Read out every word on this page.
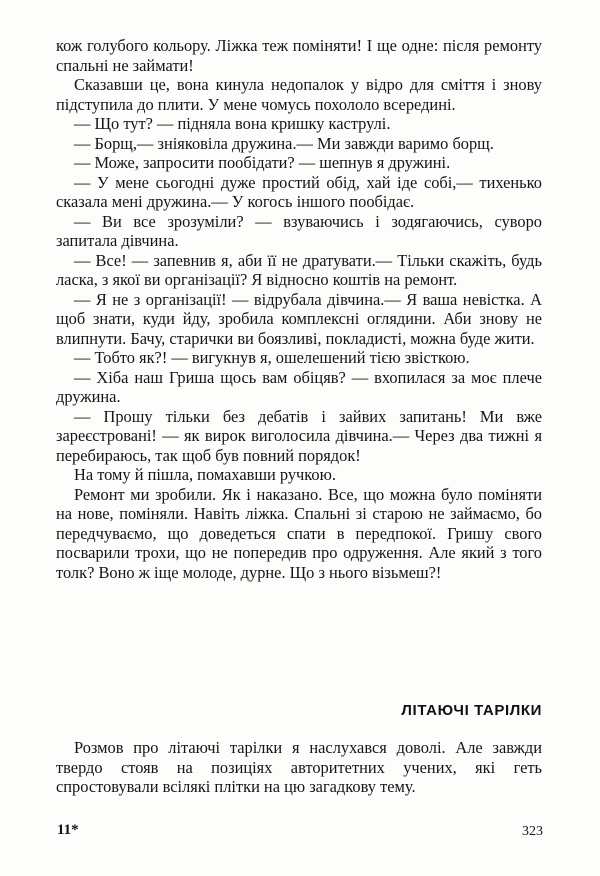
кож голубого кольору. Ліжка теж поміняти! І ще одне: після ремонту спальні не займати!

Сказавши це, вона кинула недопалок у відро для смiття і знову підступила до плити. У мене чомусь похололо всередині.

— Що тут? — підняла вона кришку каструлі.

— Борщ,— зніяковіла дружина.— Ми завжди варимо борщ.

— Може, запросити пообідати? — шепнув я дружині.

— У мене сьогодні дуже простий обід, хай іде собі,— тихенько сказала мені дружина.— У когось іншого пообідає.

— Ви все зрозуміли? — взуваючись і зодягаючись, суворо запитала дівчина.

— Все! — запевнив я, аби її не дратувати.— Тільки скажіть, будь ласка, з якої ви організації? Я відносно коштів на ремонт.

— Я не з організації! — відрубала дівчина.— Я ваша невістка. А щоб знати, куди йду, зробила комплексні оглядини. Аби знову не влипнути. Бачу, старички ви боязливі, покладисті, можна буде жити.

— Тобто як?! — вигукнув я, ошелешений тією звісткою.

— Хіба наш Гриша щось вам обіцяв? — вхопилася за моє плече дружина.

— Прошу тільки без дебатів і зайвих запитань! Ми вже зареєстровані! — як вирок виголосила дівчина.— Через два тижні я перебираюсь, так щоб був повний порядок!

На тому й пішла, помахавши ручкою.

Ремонт ми зробили. Як і наказано. Все, що можна було поміняти на нове, поміняли. Навіть ліжка. Спальні зі старою не займаємо, бо передчуваємо, що доведеться спати в передпокої. Гришу свого посварили трохи, що не попередив про одруження. Але який з того толк? Воно ж іще молоде, дурне. Що з нього візьмеш?!

ЛІТАЮЧІ ТАРІЛКИ

Розмов про літаючі тарілки я наслухався доволі. Але завжди твердо стояв на позиціях авторитетних учених, які геть спростовували всілякі плітки на цю загадкову тему.

11*	323
